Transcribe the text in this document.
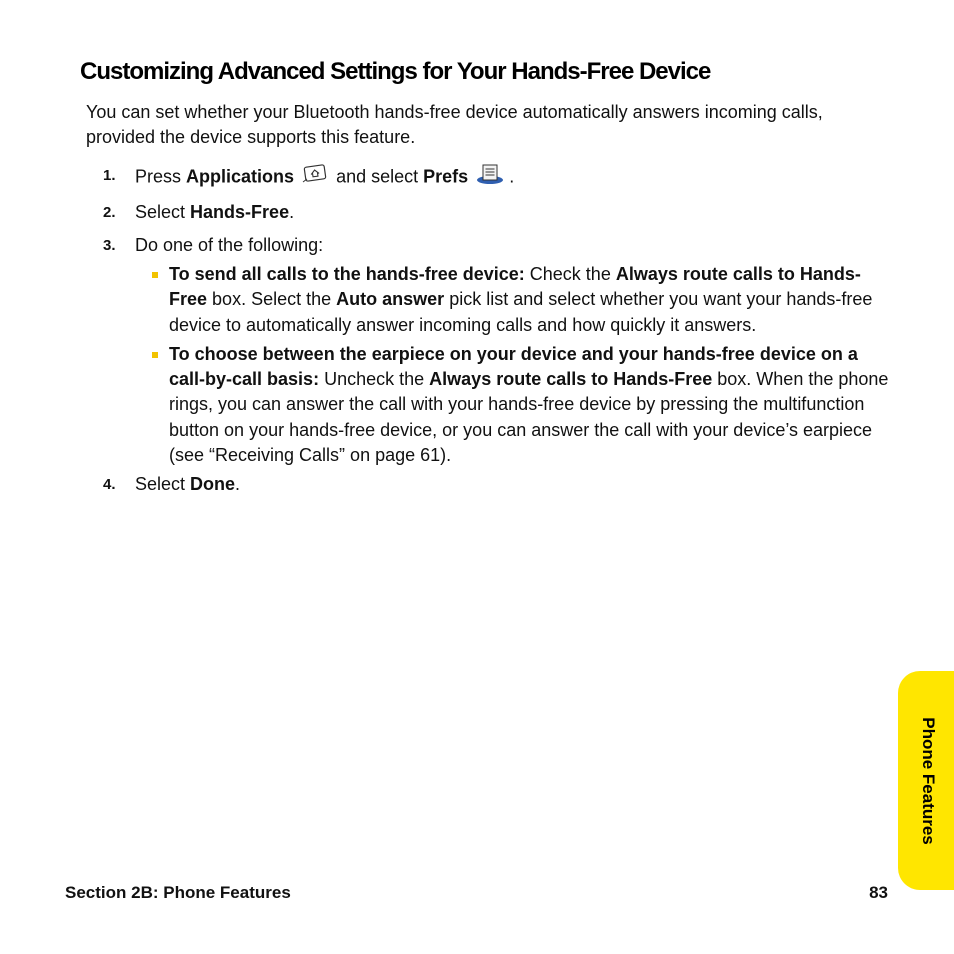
Customizing Advanced Settings for Your Hands-Free Device

You can set whether your Bluetooth hands-free device automatically answers incoming calls, provided the device supports this feature.

1. Press Applications and select Prefs .
2. Select Hands-Free.
3. Do one of the following:
To send all calls to the hands-free device: Check the Always route calls to Hands-Free box. Select the Auto answer pick list and select whether you want your hands-free device to automatically answer incoming calls and how quickly it answers.
To choose between the earpiece on your device and your hands-free device on a call-by-call basis: Uncheck the Always route calls to Hands-Free box. When the phone rings, you can answer the call with your hands-free device by pressing the multifunction button on your hands-free device, or you can answer the call with your device’s earpiece (see “Receiving Calls” on page 61).
4. Select Done.
Section 2B: Phone Features	83
Phone Features
